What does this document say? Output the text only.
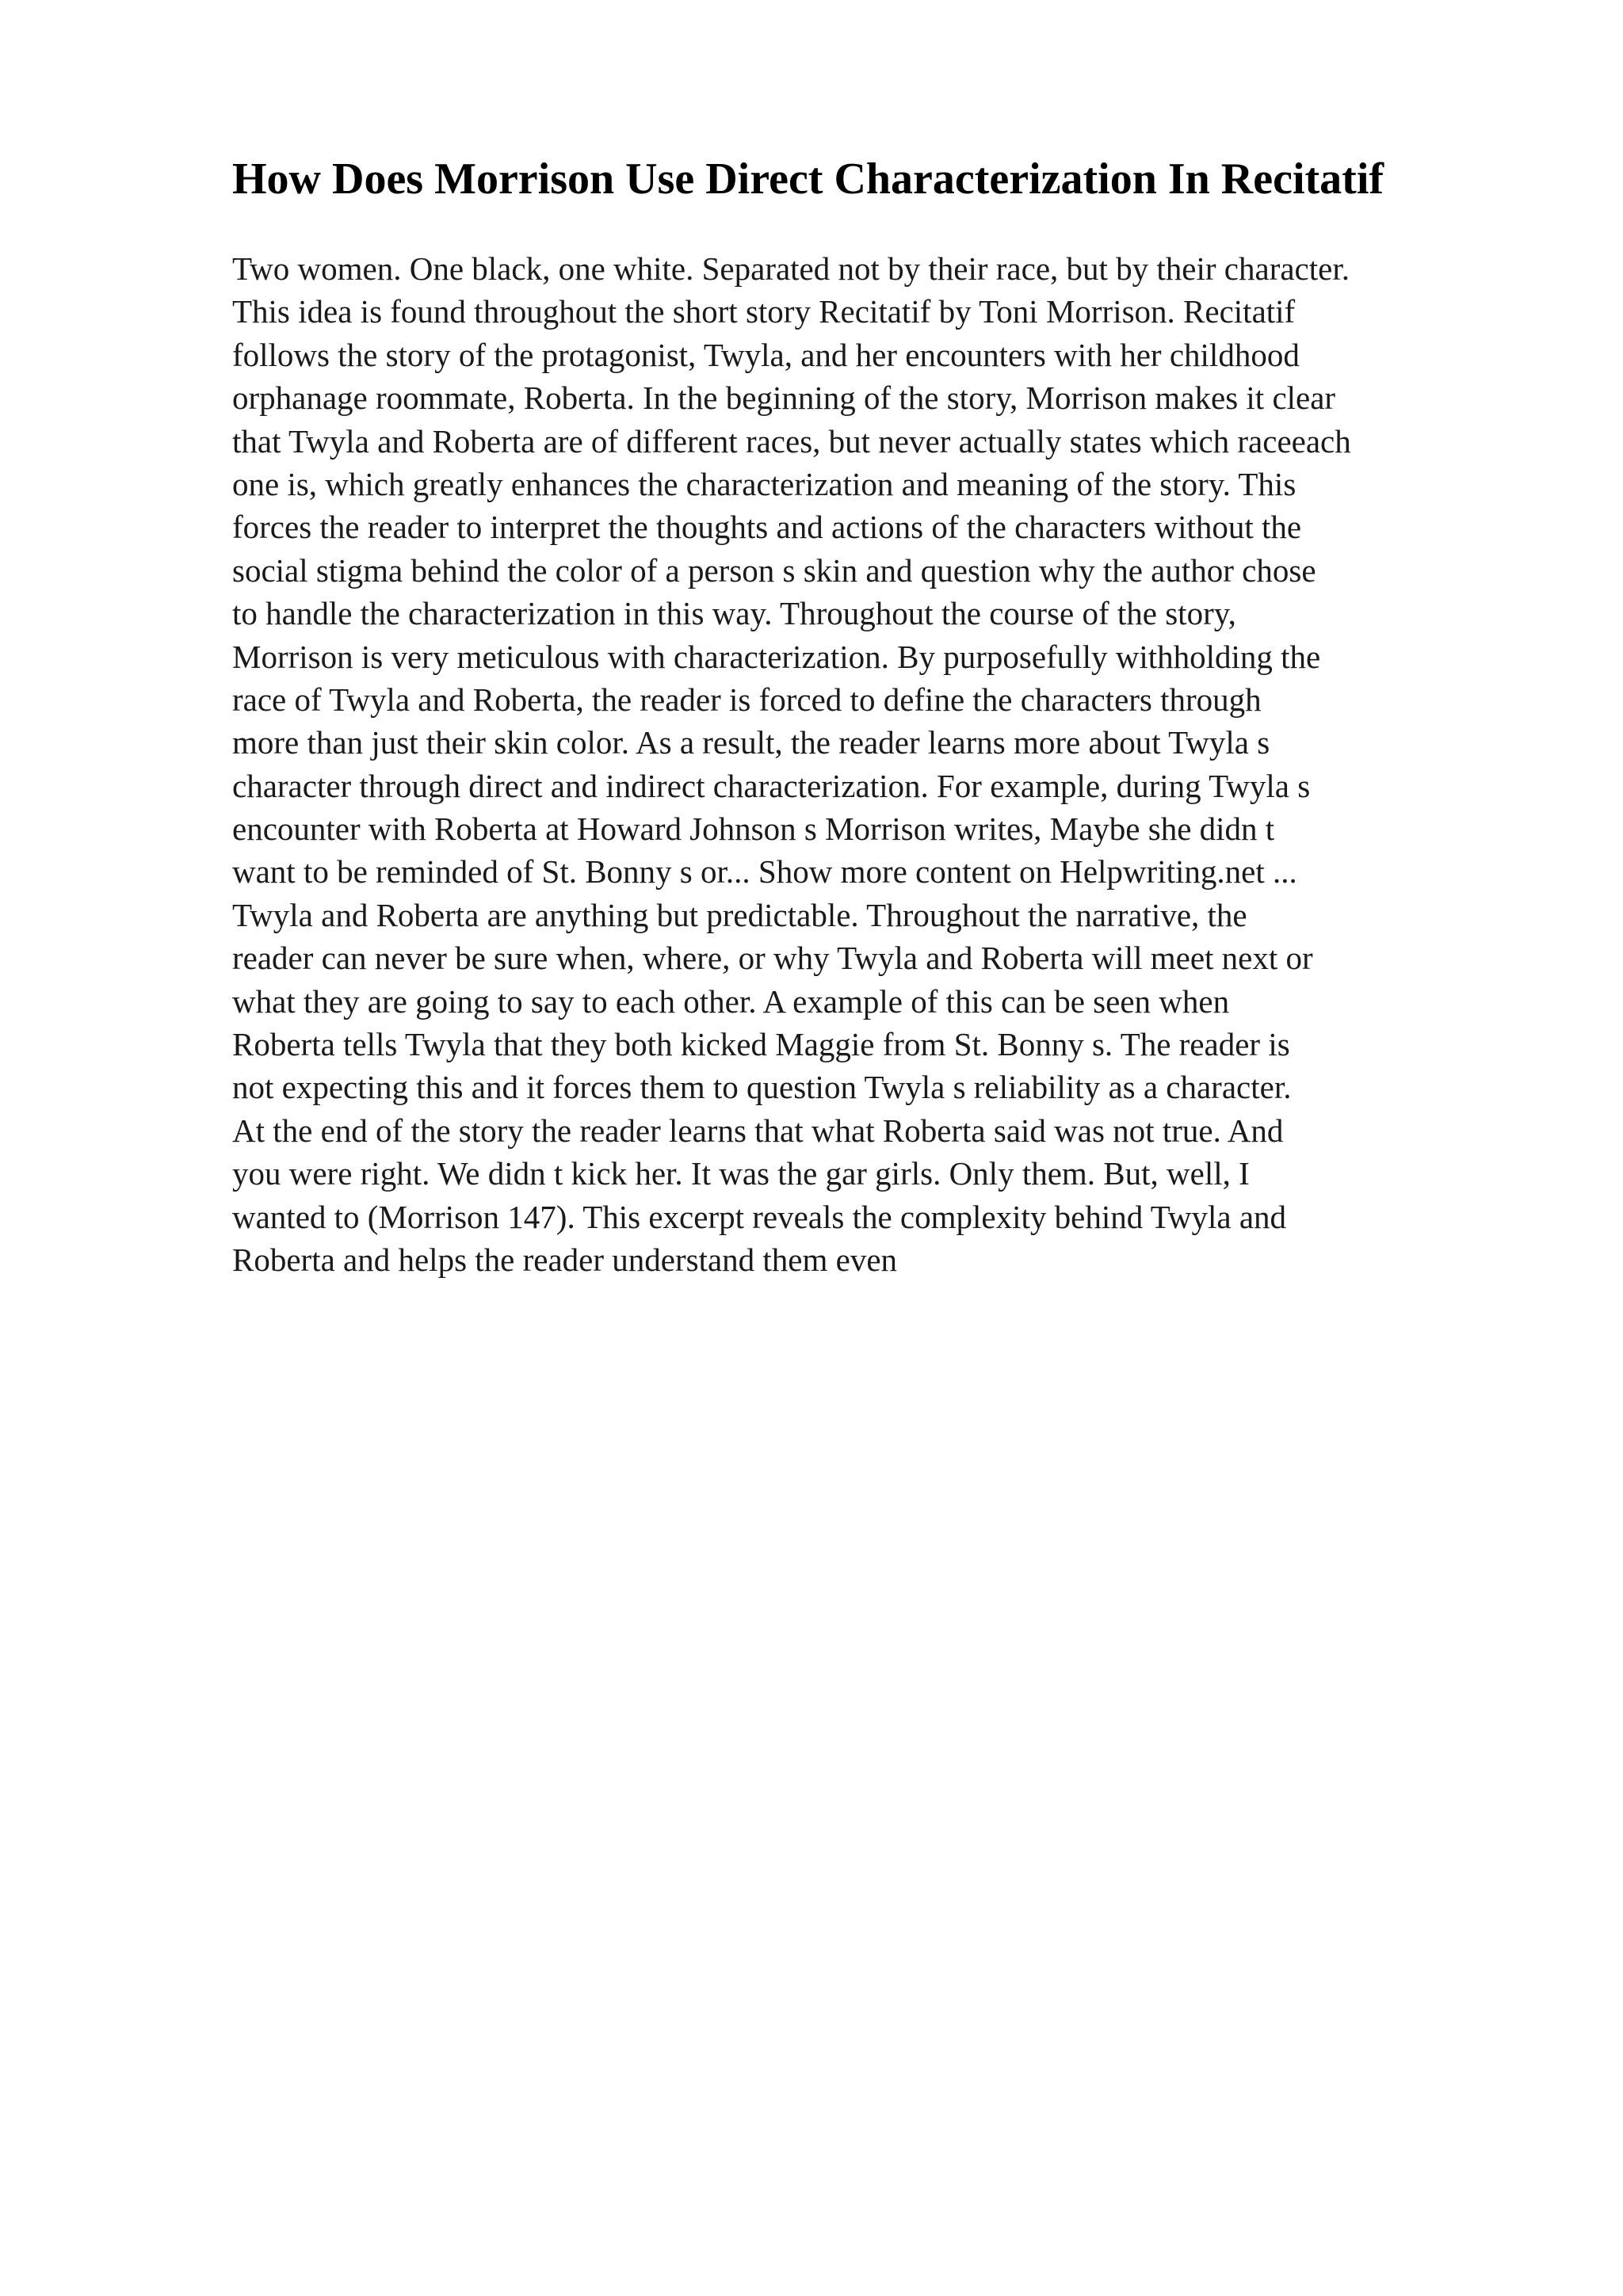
How Does Morrison Use Direct Characterization In Recitatif
Two women. One black, one white. Separated not by their race, but by their character.
This idea is found throughout the short story Recitatif by Toni Morrison. Recitatif
follows the story of the protagonist, Twyla, and her encounters with her childhood
orphanage roommate, Roberta. In the beginning of the story, Morrison makes it clear
that Twyla and Roberta are of different races, but never actually states which raceeach
one is, which greatly enhances the characterization and meaning of the story. This
forces the reader to interpret the thoughts and actions of the characters without the
social stigma behind the color of a person s skin and question why the author chose
to handle the characterization in this way. Throughout the course of the story,
Morrison is very meticulous with characterization. By purposefully withholding the
race of Twyla and Roberta, the reader is forced to define the characters through
more than just their skin color. As a result, the reader learns more about Twyla s
character through direct and indirect characterization. For example, during Twyla s
encounter with Roberta at Howard Johnson s Morrison writes, Maybe she didn t
want to be reminded of St. Bonny s or... Show more content on Helpwriting.net ...
Twyla and Roberta are anything but predictable. Throughout the narrative, the
reader can never be sure when, where, or why Twyla and Roberta will meet next or
what they are going to say to each other. A example of this can be seen when
Roberta tells Twyla that they both kicked Maggie from St. Bonny s. The reader is
not expecting this and it forces them to question Twyla s reliability as a character.
At the end of the story the reader learns that what Roberta said was not true. And
you were right. We didn t kick her. It was the gar girls. Only them. But, well, I
wanted to (Morrison 147). This excerpt reveals the complexity behind Twyla and
Roberta and helps the reader understand them even
